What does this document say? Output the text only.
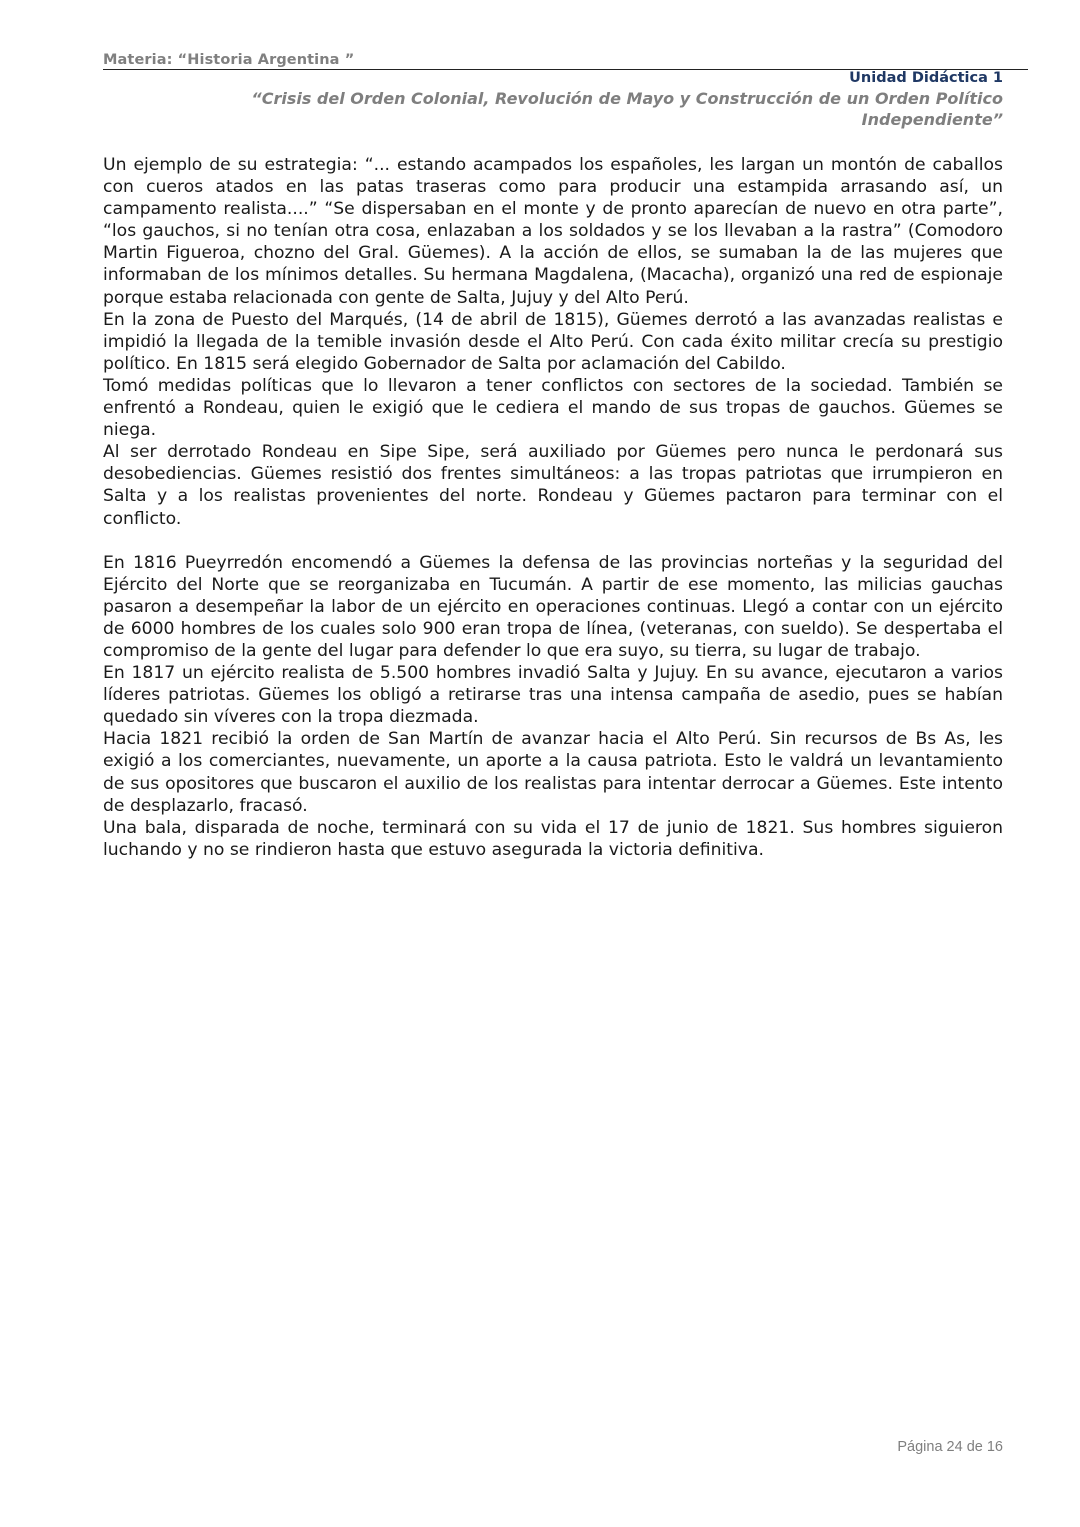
Materia: “Historia Argentina ”
Unidad Didáctica 1
“Crisis del Orden Colonial, Revolución de Mayo y Construcción de un Orden Político
Independiente”

Un ejemplo de su estrategia: “... estando acampados los españoles, les largan un montón de caballos con cueros atados en las patas traseras como para producir una estampida arrasando así, un campamento realista....” “Se dispersaban en el monte y de pronto aparecían de nuevo en otra parte”, “los gauchos, si no tenían otra cosa, enlazaban a los soldados y se los llevaban a la rastra” (Comodoro Martin Figueroa, chozno del Gral. Güemes). A la acción de ellos, se sumaban la de las mujeres que informaban de los mínimos detalles. Su hermana Magdalena, (Macacha), organizó una red de espionaje porque estaba relacionada con gente de Salta, Jujuy y del Alto Perú.

En la zona de Puesto del Marqués, (14 de abril de 1815), Güemes derrotó a las avanzadas realistas e impidió la llegada de la temible invasión desde el Alto Perú. Con cada éxito militar crecía su prestigio político. En 1815 será elegido Gobernador de Salta por aclamación del Cabildo.

Tomó medidas políticas que lo llevaron a tener conflictos con sectores de la sociedad. También se enfrentó a Rondeau, quien le exigió que le cediera el mando de sus tropas de gauchos. Güemes se niega.

Al ser derrotado Rondeau en Sipe Sipe, será auxiliado por Güemes pero nunca le perdonará sus desobediencias. Güemes resistió dos frentes simultáneos: a las tropas patriotas que irrumpieron en Salta y a los realistas provenientes del norte. Rondeau y Güemes pactaron para terminar con el conflicto.

En 1816 Pueyrredón encomendó a Güemes la defensa de las provincias norteñas y la seguridad del Ejército del Norte que se reorganizaba en Tucumán. A partir de ese momento, las milicias gauchas pasaron a desempeñar la labor de un ejército en operaciones continuas. Llegó a contar con un ejército de 6000 hombres de los cuales solo 900 eran tropa de línea, (veteranas, con sueldo). Se despertaba el compromiso de la gente del lugar para defender lo que era suyo, su tierra, su lugar de trabajo.

En 1817 un ejército realista de 5.500 hombres invadió Salta y Jujuy. En su avance, ejecutaron a varios líderes patriotas. Güemes los obligó a retirarse tras una intensa campaña de asedio, pues se habían quedado sin víveres con la tropa diezmada.

Hacia 1821 recibió la orden de San Martín de avanzar hacia el Alto Perú. Sin recursos de Bs As, les exigió a los comerciantes, nuevamente, un aporte a la causa patriota. Esto le valdrá un levantamiento de sus opositores que buscaron el auxilio de los realistas para intentar derrocar a Güemes. Este intento de desplazarlo, fracasó.

Una bala, disparada de noche, terminará con su vida el 17 de junio de 1821. Sus hombres siguieron luchando y no se rindieron hasta que estuvo asegurada la victoria definitiva.

Página 24 de 16
